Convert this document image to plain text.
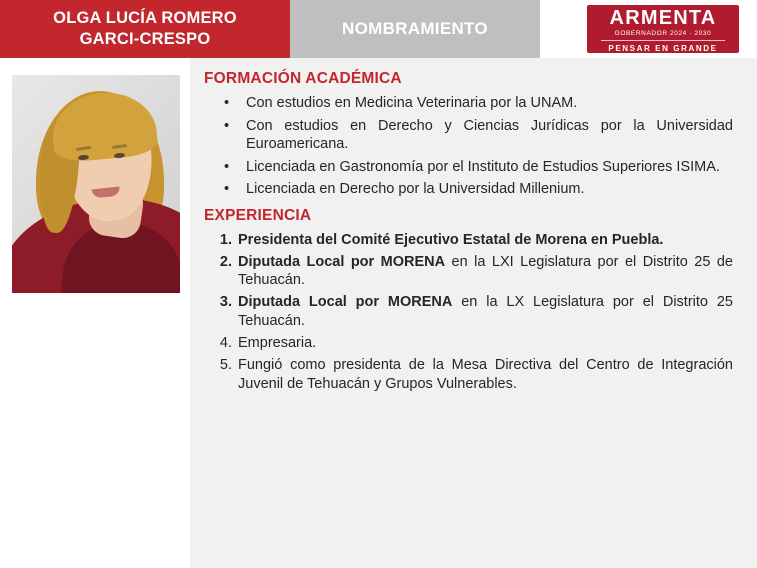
OLGA LUCÍA ROMERO
GARCI-CRESPO
NOMBRAMIENTO	ARMENTA
GOBERNADOR 2024 · 2030
PENSAR EN GRANDE
FORMACIÓN ACADÉMICA
• Con estudios en Medicina Veterinaria por la UNAM.
• Con estudios en Derecho y Ciencias Jurídicas por la Universidad Euroamericana.
• Licenciada en Gastronomía por el Instituto de Estudios Superiores ISIMA.
• Licenciada en Derecho por la Universidad Millenium.
EXPERIENCIA
1. Presidenta del Comité Ejecutivo Estatal de Morena en Puebla.
2. Diputada Local por MORENA en la LXI Legislatura por el Distrito 25 de Tehuacán.
3. Diputada Local por MORENA en la LX Legislatura por el Distrito 25 Tehuacán.
4. Empresaria.
5. Fungió como presidenta de la Mesa Directiva del Centro de Integración Juvenil de Tehuacán y Grupos Vulnerables.
